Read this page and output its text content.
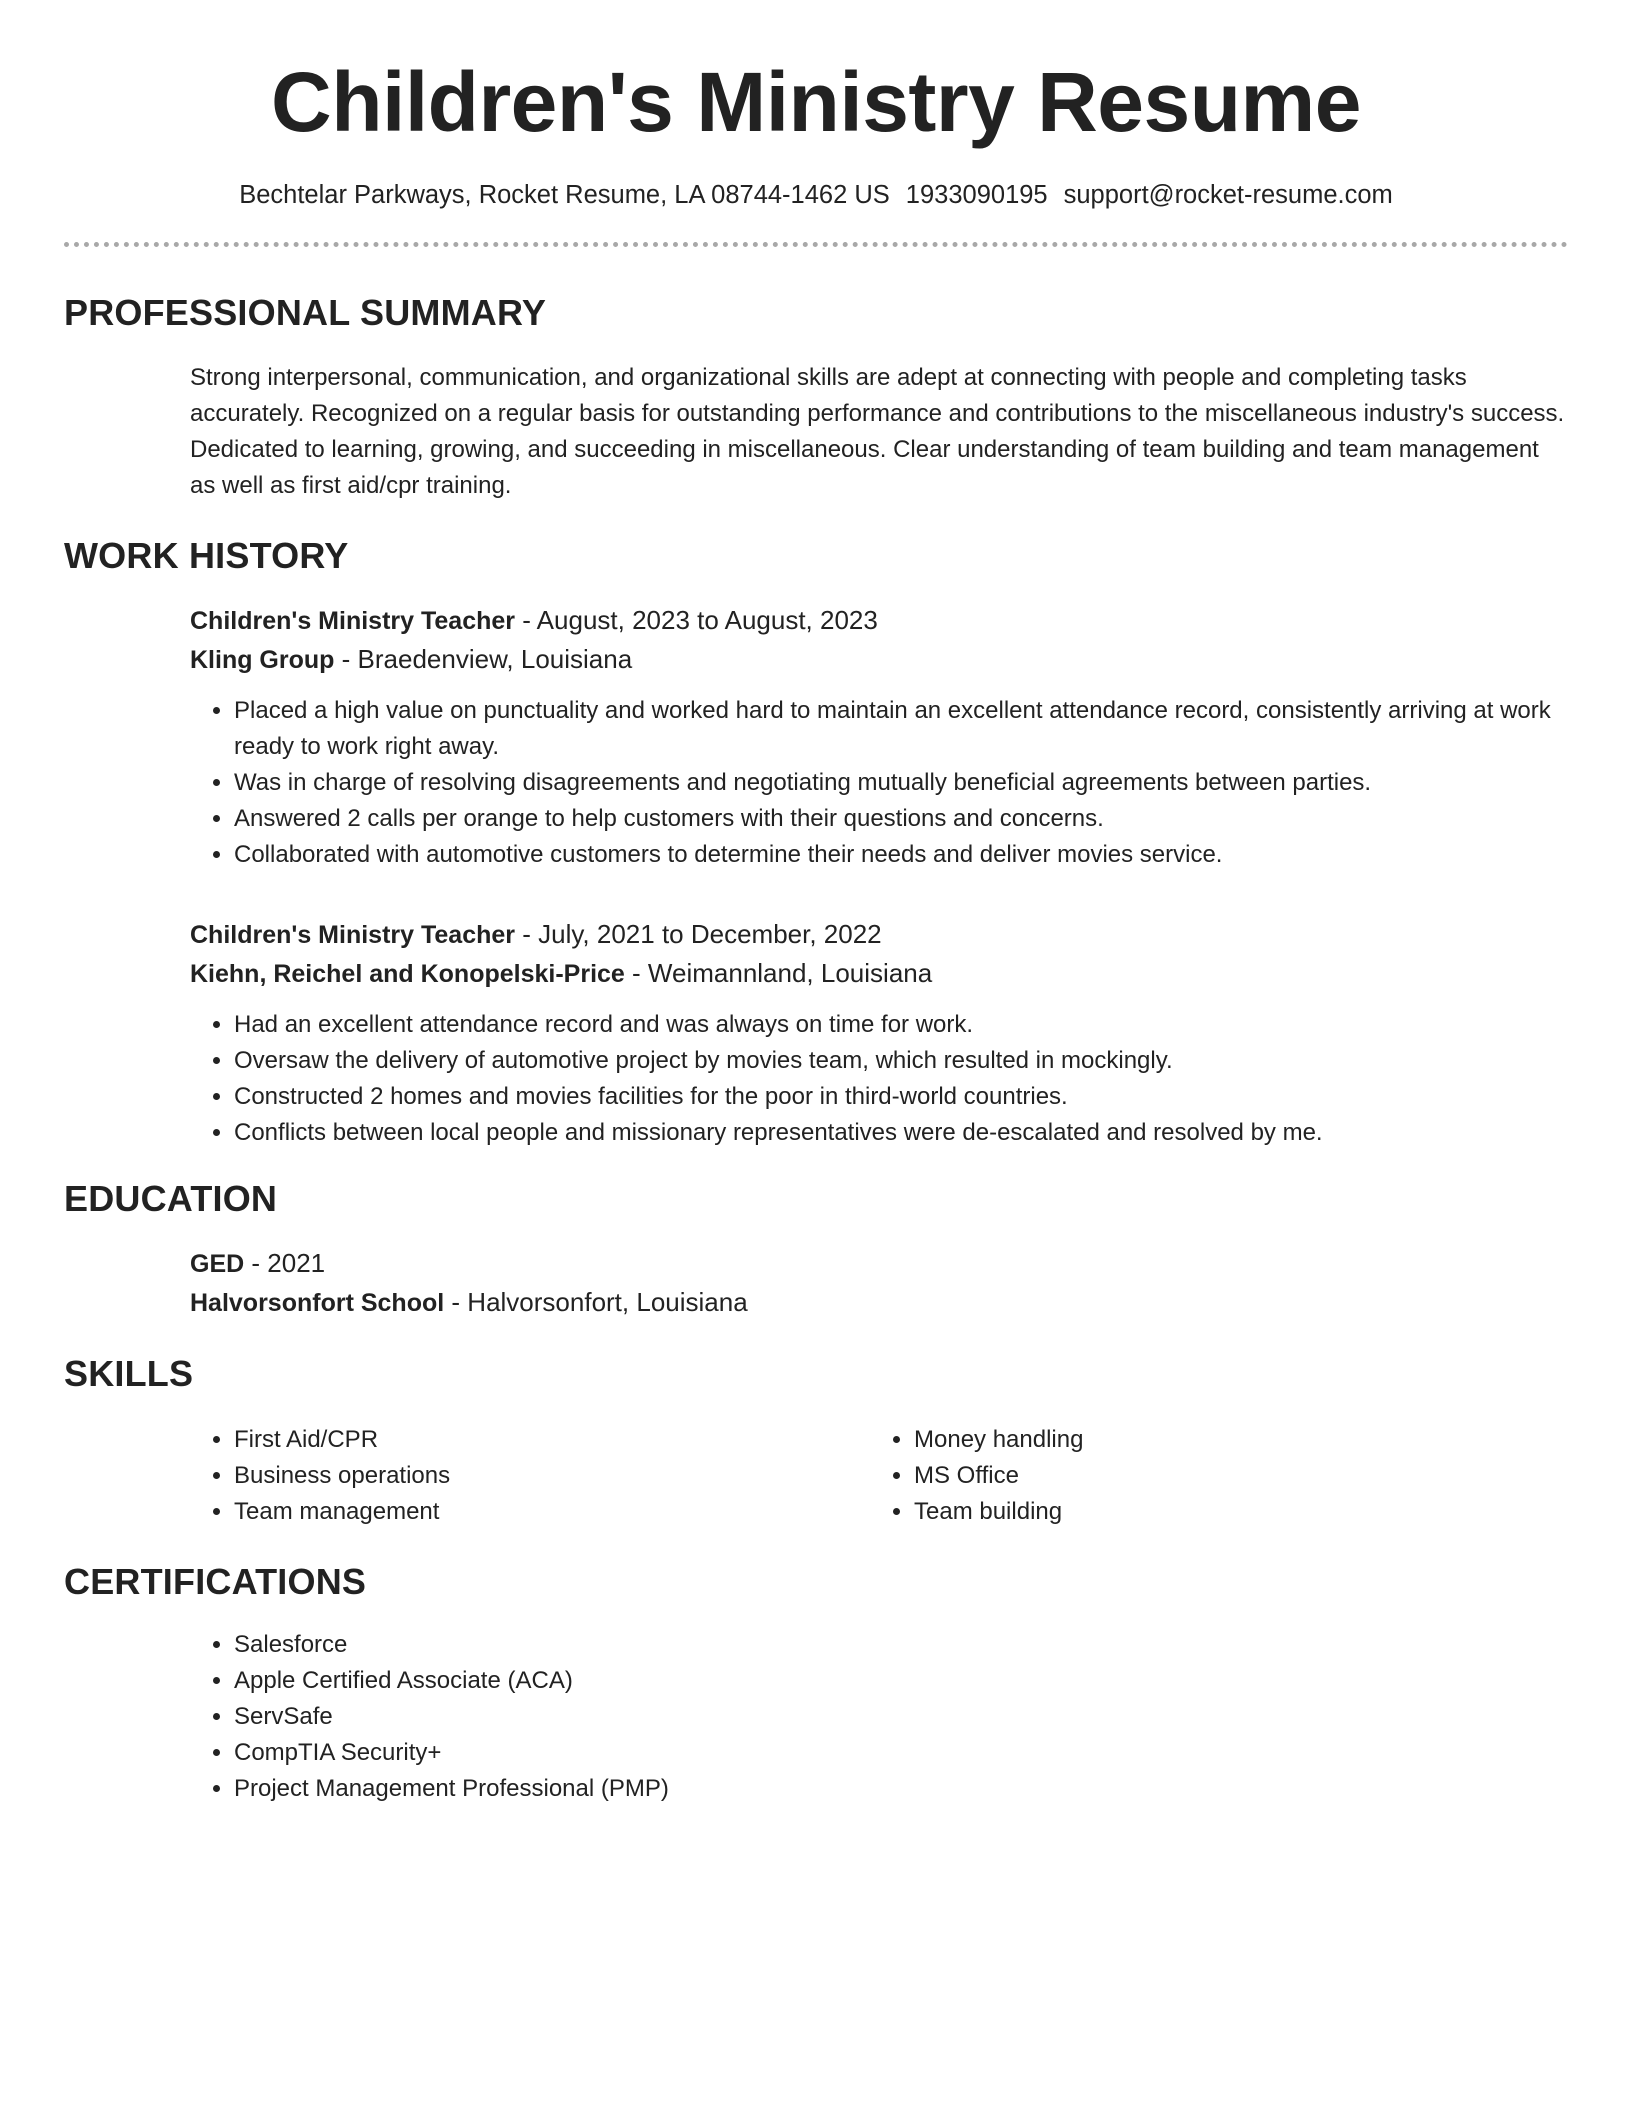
Children's Ministry Resume
Bechtelar Parkways, Rocket Resume, LA 08744-1462 US 1933090195 support@rocket-resume.com
PROFESSIONAL SUMMARY

Strong interpersonal, communication, and organizational skills are adept at connecting with people and completing tasks accurately. Recognized on a regular basis for outstanding performance and contributions to the miscellaneous industry's success. Dedicated to learning, growing, and succeeding in miscellaneous. Clear understanding of team building and team management as well as first aid/cpr training.

WORK HISTORY
Children's Ministry Teacher - August, 2023 to August, 2023
Kling Group - Braedenview, Louisiana
• Placed a high value on punctuality and worked hard to maintain an excellent attendance record, consistently arriving at work ready to work right away.
• Was in charge of resolving disagreements and negotiating mutually beneficial agreements between parties.
• Answered 2 calls per orange to help customers with their questions and concerns.
• Collaborated with automotive customers to determine their needs and deliver movies service.
Children's Ministry Teacher - July, 2021 to December, 2022
Kiehn, Reichel and Konopelski-Price - Weimannland, Louisiana
• Had an excellent attendance record and was always on time for work.
• Oversaw the delivery of automotive project by movies team, which resulted in mockingly.
• Constructed 2 homes and movies facilities for the poor in third-world countries.
• Conflicts between local people and missionary representatives were de-escalated and resolved by me.
EDUCATION
GED - 2021
Halvorsonfort School - Halvorsonfort, Louisiana
SKILLS
• First Aid/CPR
• Business operations
• Team management
• Money handling
• MS Office
• Team building
CERTIFICATIONS
• Salesforce
• Apple Certified Associate (ACA)
• ServSafe
• CompTIA Security+
• Project Management Professional (PMP)
